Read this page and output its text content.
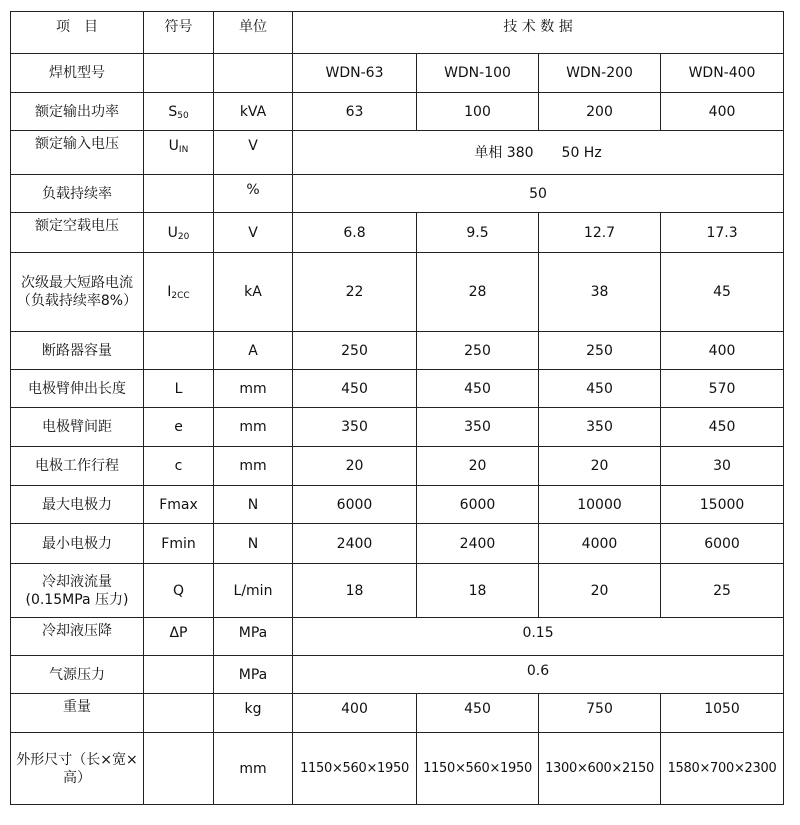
项　目	符号	单位	技 术 数 据			
焊机型号			WDN-63	WDN-100	WDN-200	WDN-400
额定输出功率	$S_{50}$	kVA	63	100	200	400
额定输入电压	$U_{IN}$	V	单相 380　　50 Hz			
负载持续率		%	50			
额定空载电压	$U_{20}$	V	6.8	9.5	12.7	17.3
次级最大短路电流（负载持续率8%）	$I_{2CC}$	kA	22	28	38	45
断路器容量		A	250	250	250	400
电极臂伸出长度	L	mm	450	450	450	570
电极臂间距	e	mm	350	350	350	450
电极工作行程	c	mm	20	20	20	30
最大电极力	Fmax	N	6000	6000	10000	15000
最小电极力	Fmin	N	2400	2400	4000	6000
冷却液流量(0.15MPa 压力)	Q	L/min	18	18	20	25
冷却液压降	ΔP	MPa	0.15			
气源压力		MPa	0.6			
重量		kg	400	450	750	1050
外形尺寸（长×宽×高）		mm	1150×560×1950	1150×560×1950	1300×600×2150	1580×700×2300
